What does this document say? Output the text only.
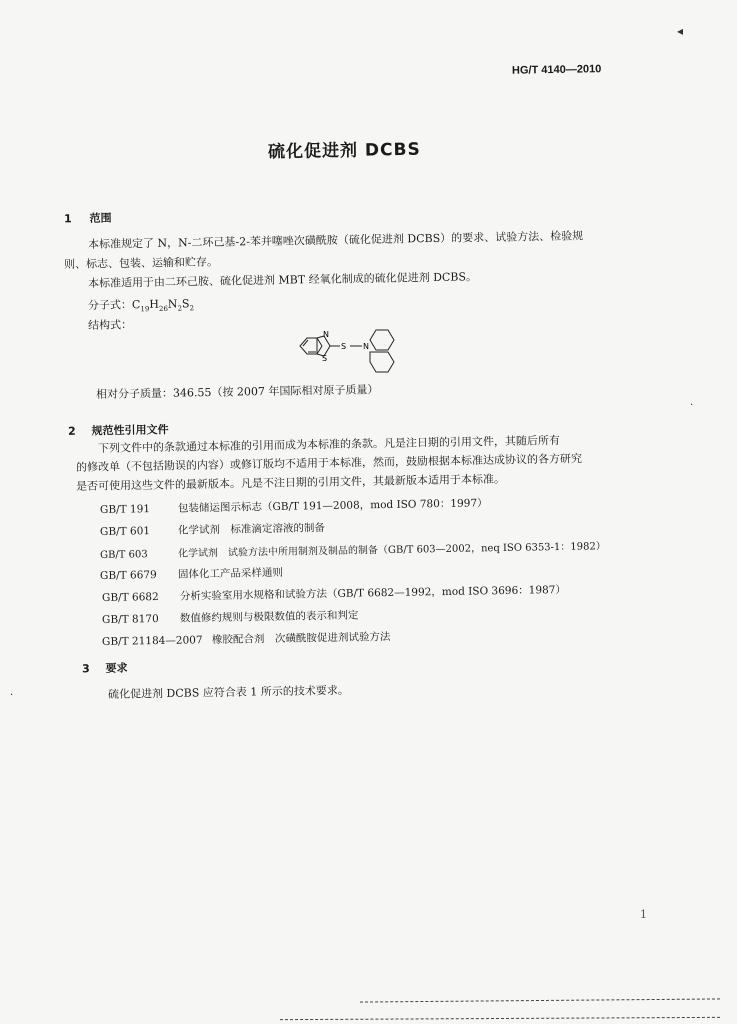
◂
HG/T 4140—2010
硫化促进剂 DCBS
1 范围
本标准规定了 N，N-二环己基-2-苯并噻唑次磺酰胺（硫化促进剂 DCBS）的要求、试验方法、检验规
则、标志、包装、运输和贮存。
本标准适用于由二环己胺、硫化促进剂 MBT 经氧化制成的硫化促进剂 DCBS。
分子式：$C_{19}H_{26}N_2S_2$
结构式：
N
S
S N
相对分子质量：346.55（按 2007 年国际相对原子质量）
2 规范性引用文件
下列文件中的条款通过本标准的引用而成为本标准的条款。凡是注日期的引用文件，其随后所有
的修改单（不包括勘误的内容）或修订版均不适用于本标准，然而，鼓励根据本标准达成协议的各方研究
是否可使用这些文件的最新版本。凡是不注日期的引用文件，其最新版本适用于本标准。
GB/T 191	包装储运图示标志（GB/T 191—2008，mod ISO 780：1997）
GB/T 601	化学试剂　标准滴定溶液的制备
GB/T 603	化学试剂　试验方法中所用制剂及制品的制备（GB/T 603—2002，neq ISO 6353-1：1982）
GB/T 6679 固体化工产品采样通则
GB/T 6682 分析实验室用水规格和试验方法（GB/T 6682—1992，mod ISO 3696：1987）
GB/T 8170 数值修约规则与极限数值的表示和判定
GB/T 21184—2007 橡胶配合剂　次磺酰胺促进剂试验方法
3 要求
硫化促进剂 DCBS 应符合表 1 所示的技术要求。
·
·
1
